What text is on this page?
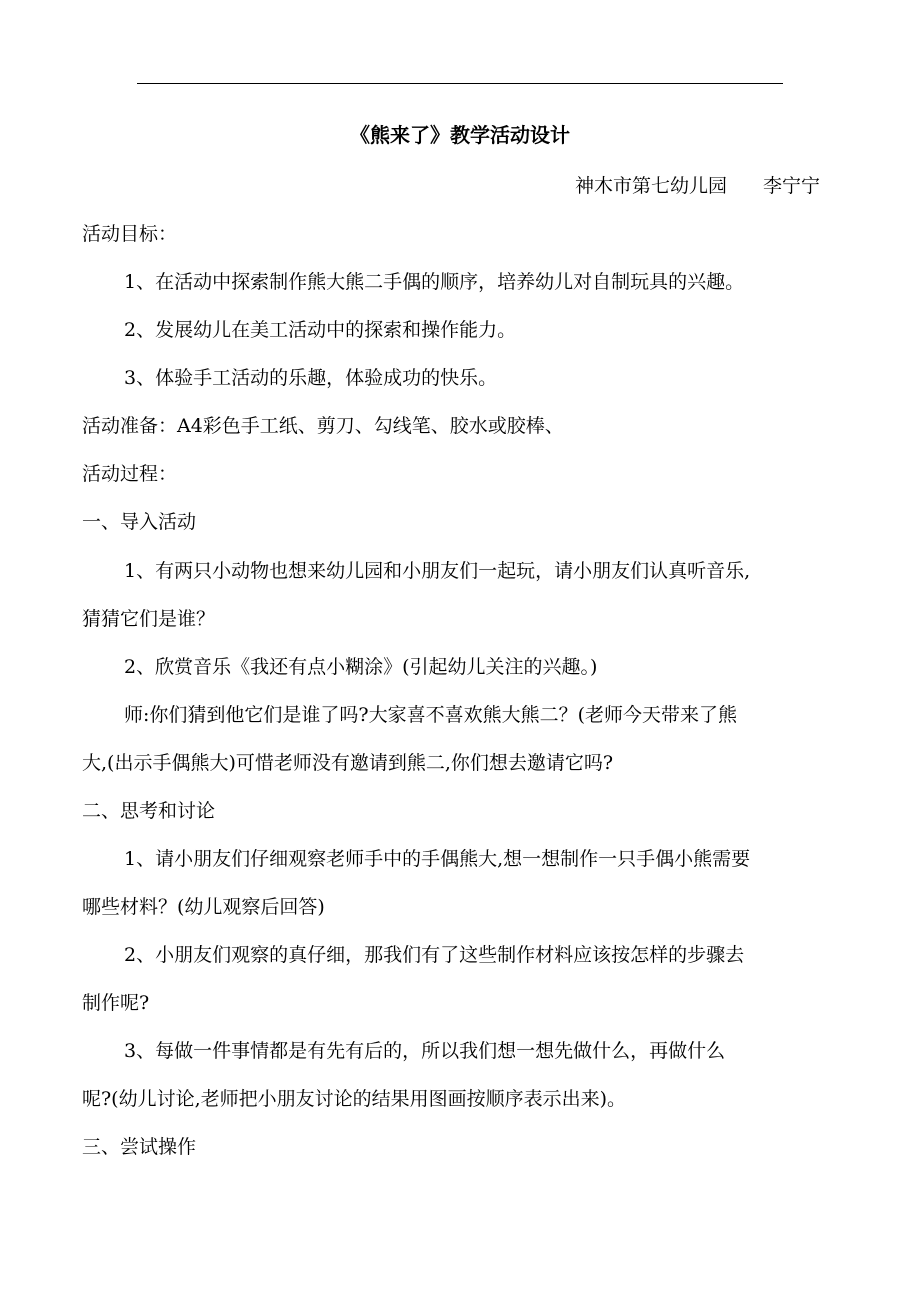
《熊来了》教学活动设计
神木市第七幼儿园 李宁宁
活动目标：
1、在活动中探索制作熊大熊二手偶的顺序，培养幼儿对自制玩具的兴趣。
2、发展幼儿在美工活动中的探索和操作能力。
3、体验手工活动的乐趣，体验成功的快乐。
活动准备：A4彩色手工纸、剪刀、勾线笔、胶水或胶棒、
活动过程：
一、导入活动
1、有两只小动物也想来幼儿园和小朋友们一起玩，请小朋友们认真听音乐,
猜猜它们是谁？
2、欣赏音乐《我还有点小糊涂》(引起幼儿关注的兴趣。)
师:你们猜到他它们是谁了吗?大家喜不喜欢熊大熊二？(老师今天带来了熊
大,(出示手偶熊大)可惜老师没有邀请到熊二,你们想去邀请它吗?
二、思考和讨论
1、请小朋友们仔细观察老师手中的手偶熊大,想一想制作一只手偶小熊需要
哪些材料？(幼儿观察后回答)
2、小朋友们观察的真仔细，那我们有了这些制作材料应该按怎样的步骤去
制作呢?
3、每做一件事情都是有先有后的，所以我们想一想先做什么，再做什么
呢?(幼儿讨论,老师把小朋友讨论的结果用图画按顺序表示出来)。
三、尝试操作
